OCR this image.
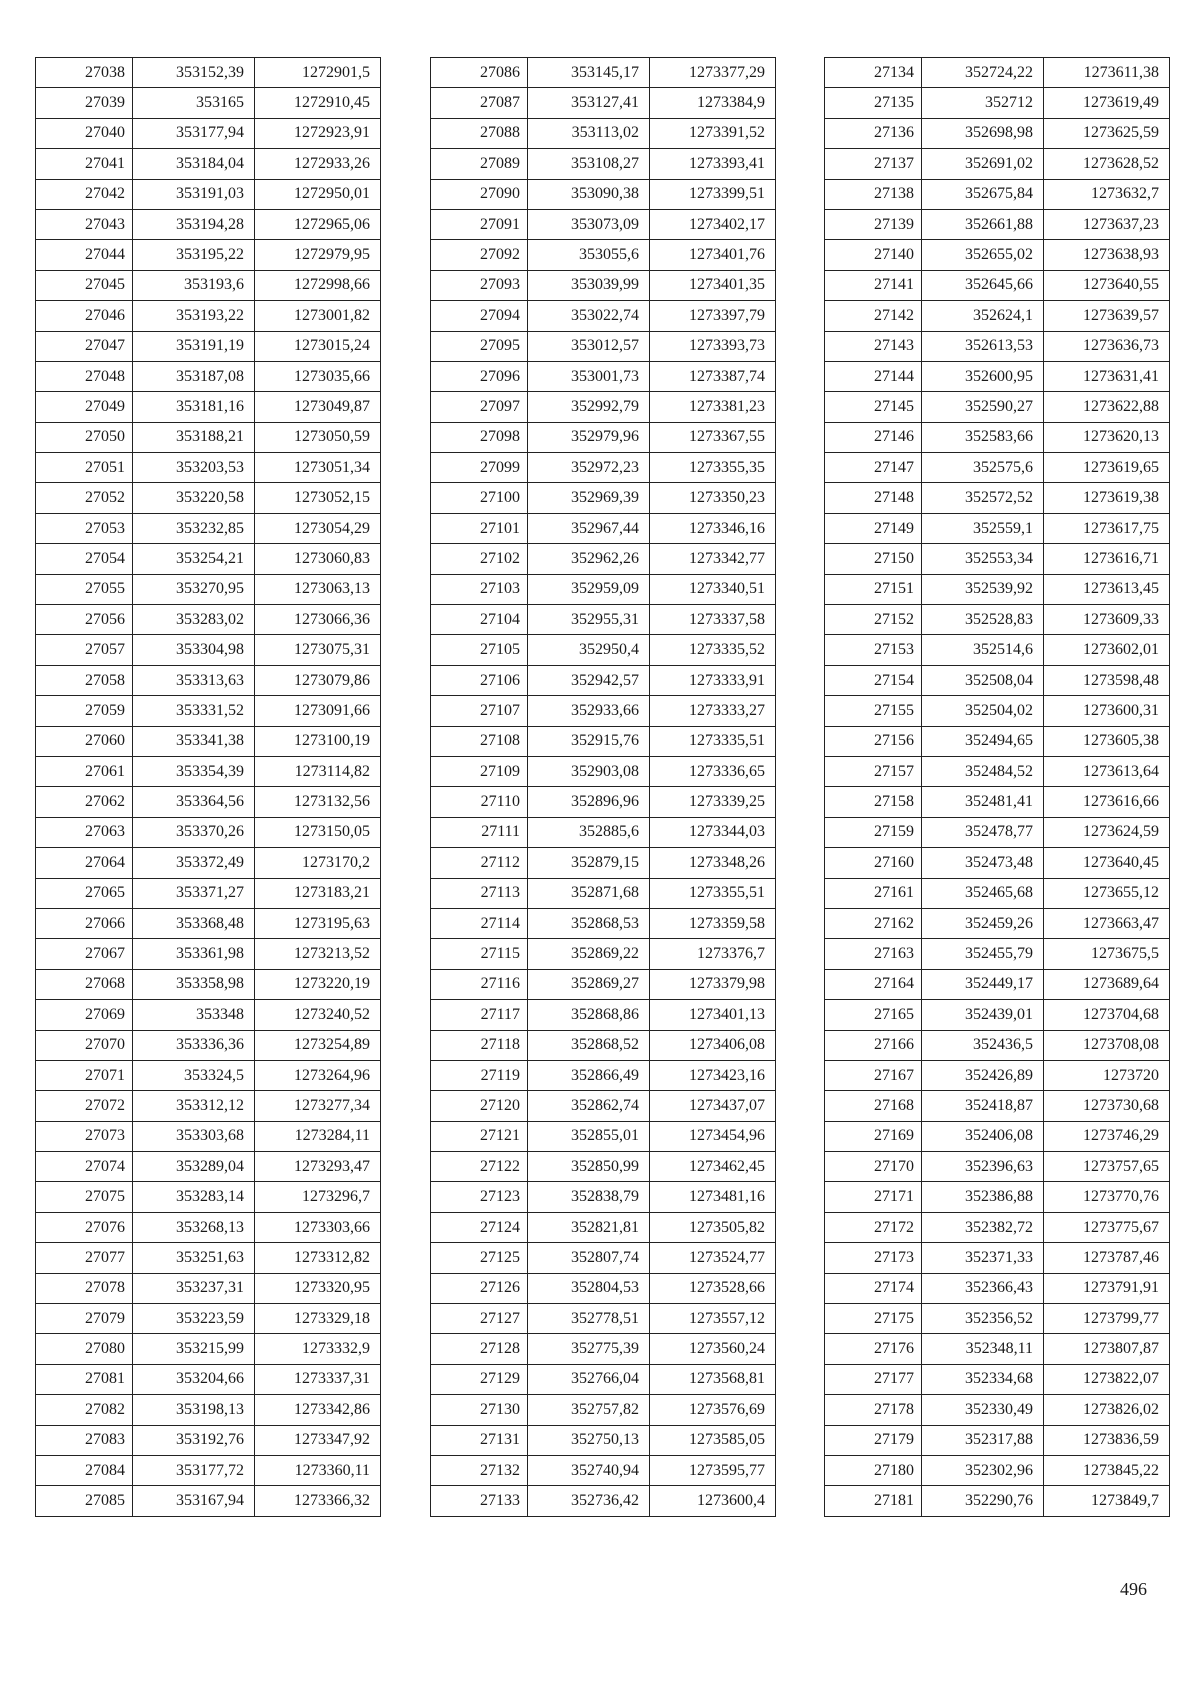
27038	353152,39	1272901,5
27039	353165	1272910,45
27040	353177,94	1272923,91
27041	353184,04	1272933,26
27042	353191,03	1272950,01
27043	353194,28	1272965,06
27044	353195,22	1272979,95
27045	353193,6	1272998,66
27046	353193,22	1273001,82
27047	353191,19	1273015,24
27048	353187,08	1273035,66
27049	353181,16	1273049,87
27050	353188,21	1273050,59
27051	353203,53	1273051,34
27052	353220,58	1273052,15
27053	353232,85	1273054,29
27054	353254,21	1273060,83
27055	353270,95	1273063,13
27056	353283,02	1273066,36
27057	353304,98	1273075,31
27058	353313,63	1273079,86
27059	353331,52	1273091,66
27060	353341,38	1273100,19
27061	353354,39	1273114,82
27062	353364,56	1273132,56
27063	353370,26	1273150,05
27064	353372,49	1273170,2
27065	353371,27	1273183,21
27066	353368,48	1273195,63
27067	353361,98	1273213,52
27068	353358,98	1273220,19
27069	353348	1273240,52
27070	353336,36	1273254,89
27071	353324,5	1273264,96
27072	353312,12	1273277,34
27073	353303,68	1273284,11
27074	353289,04	1273293,47
27075	353283,14	1273296,7
27076	353268,13	1273303,66
27077	353251,63	1273312,82
27078	353237,31	1273320,95
27079	353223,59	1273329,18
27080	353215,99	1273332,9
27081	353204,66	1273337,31
27082	353198,13	1273342,86
27083	353192,76	1273347,92
27084	353177,72	1273360,11
27085	353167,94	1273366,32
27086	353145,17	1273377,29
27087	353127,41	1273384,9
27088	353113,02	1273391,52
27089	353108,27	1273393,41
27090	353090,38	1273399,51
27091	353073,09	1273402,17
27092	353055,6	1273401,76
27093	353039,99	1273401,35
27094	353022,74	1273397,79
27095	353012,57	1273393,73
27096	353001,73	1273387,74
27097	352992,79	1273381,23
27098	352979,96	1273367,55
27099	352972,23	1273355,35
27100	352969,39	1273350,23
27101	352967,44	1273346,16
27102	352962,26	1273342,77
27103	352959,09	1273340,51
27104	352955,31	1273337,58
27105	352950,4	1273335,52
27106	352942,57	1273333,91
27107	352933,66	1273333,27
27108	352915,76	1273335,51
27109	352903,08	1273336,65
27110	352896,96	1273339,25
27111	352885,6	1273344,03
27112	352879,15	1273348,26
27113	352871,68	1273355,51
27114	352868,53	1273359,58
27115	352869,22	1273376,7
27116	352869,27	1273379,98
27117	352868,86	1273401,13
27118	352868,52	1273406,08
27119	352866,49	1273423,16
27120	352862,74	1273437,07
27121	352855,01	1273454,96
27122	352850,99	1273462,45
27123	352838,79	1273481,16
27124	352821,81	1273505,82
27125	352807,74	1273524,77
27126	352804,53	1273528,66
27127	352778,51	1273557,12
27128	352775,39	1273560,24
27129	352766,04	1273568,81
27130	352757,82	1273576,69
27131	352750,13	1273585,05
27132	352740,94	1273595,77
27133	352736,42	1273600,4
27134	352724,22	1273611,38
27135	352712	1273619,49
27136	352698,98	1273625,59
27137	352691,02	1273628,52
27138	352675,84	1273632,7
27139	352661,88	1273637,23
27140	352655,02	1273638,93
27141	352645,66	1273640,55
27142	352624,1	1273639,57
27143	352613,53	1273636,73
27144	352600,95	1273631,41
27145	352590,27	1273622,88
27146	352583,66	1273620,13
27147	352575,6	1273619,65
27148	352572,52	1273619,38
27149	352559,1	1273617,75
27150	352553,34	1273616,71
27151	352539,92	1273613,45
27152	352528,83	1273609,33
27153	352514,6	1273602,01
27154	352508,04	1273598,48
27155	352504,02	1273600,31
27156	352494,65	1273605,38
27157	352484,52	1273613,64
27158	352481,41	1273616,66
27159	352478,77	1273624,59
27160	352473,48	1273640,45
27161	352465,68	1273655,12
27162	352459,26	1273663,47
27163	352455,79	1273675,5
27164	352449,17	1273689,64
27165	352439,01	1273704,68
27166	352436,5	1273708,08
27167	352426,89	1273720
27168	352418,87	1273730,68
27169	352406,08	1273746,29
27170	352396,63	1273757,65
27171	352386,88	1273770,76
27172	352382,72	1273775,67
27173	352371,33	1273787,46
27174	352366,43	1273791,91
27175	352356,52	1273799,77
27176	352348,11	1273807,87
27177	352334,68	1273822,07
27178	352330,49	1273826,02
27179	352317,88	1273836,59
27180	352302,96	1273845,22
27181	352290,76	1273849,7
496
